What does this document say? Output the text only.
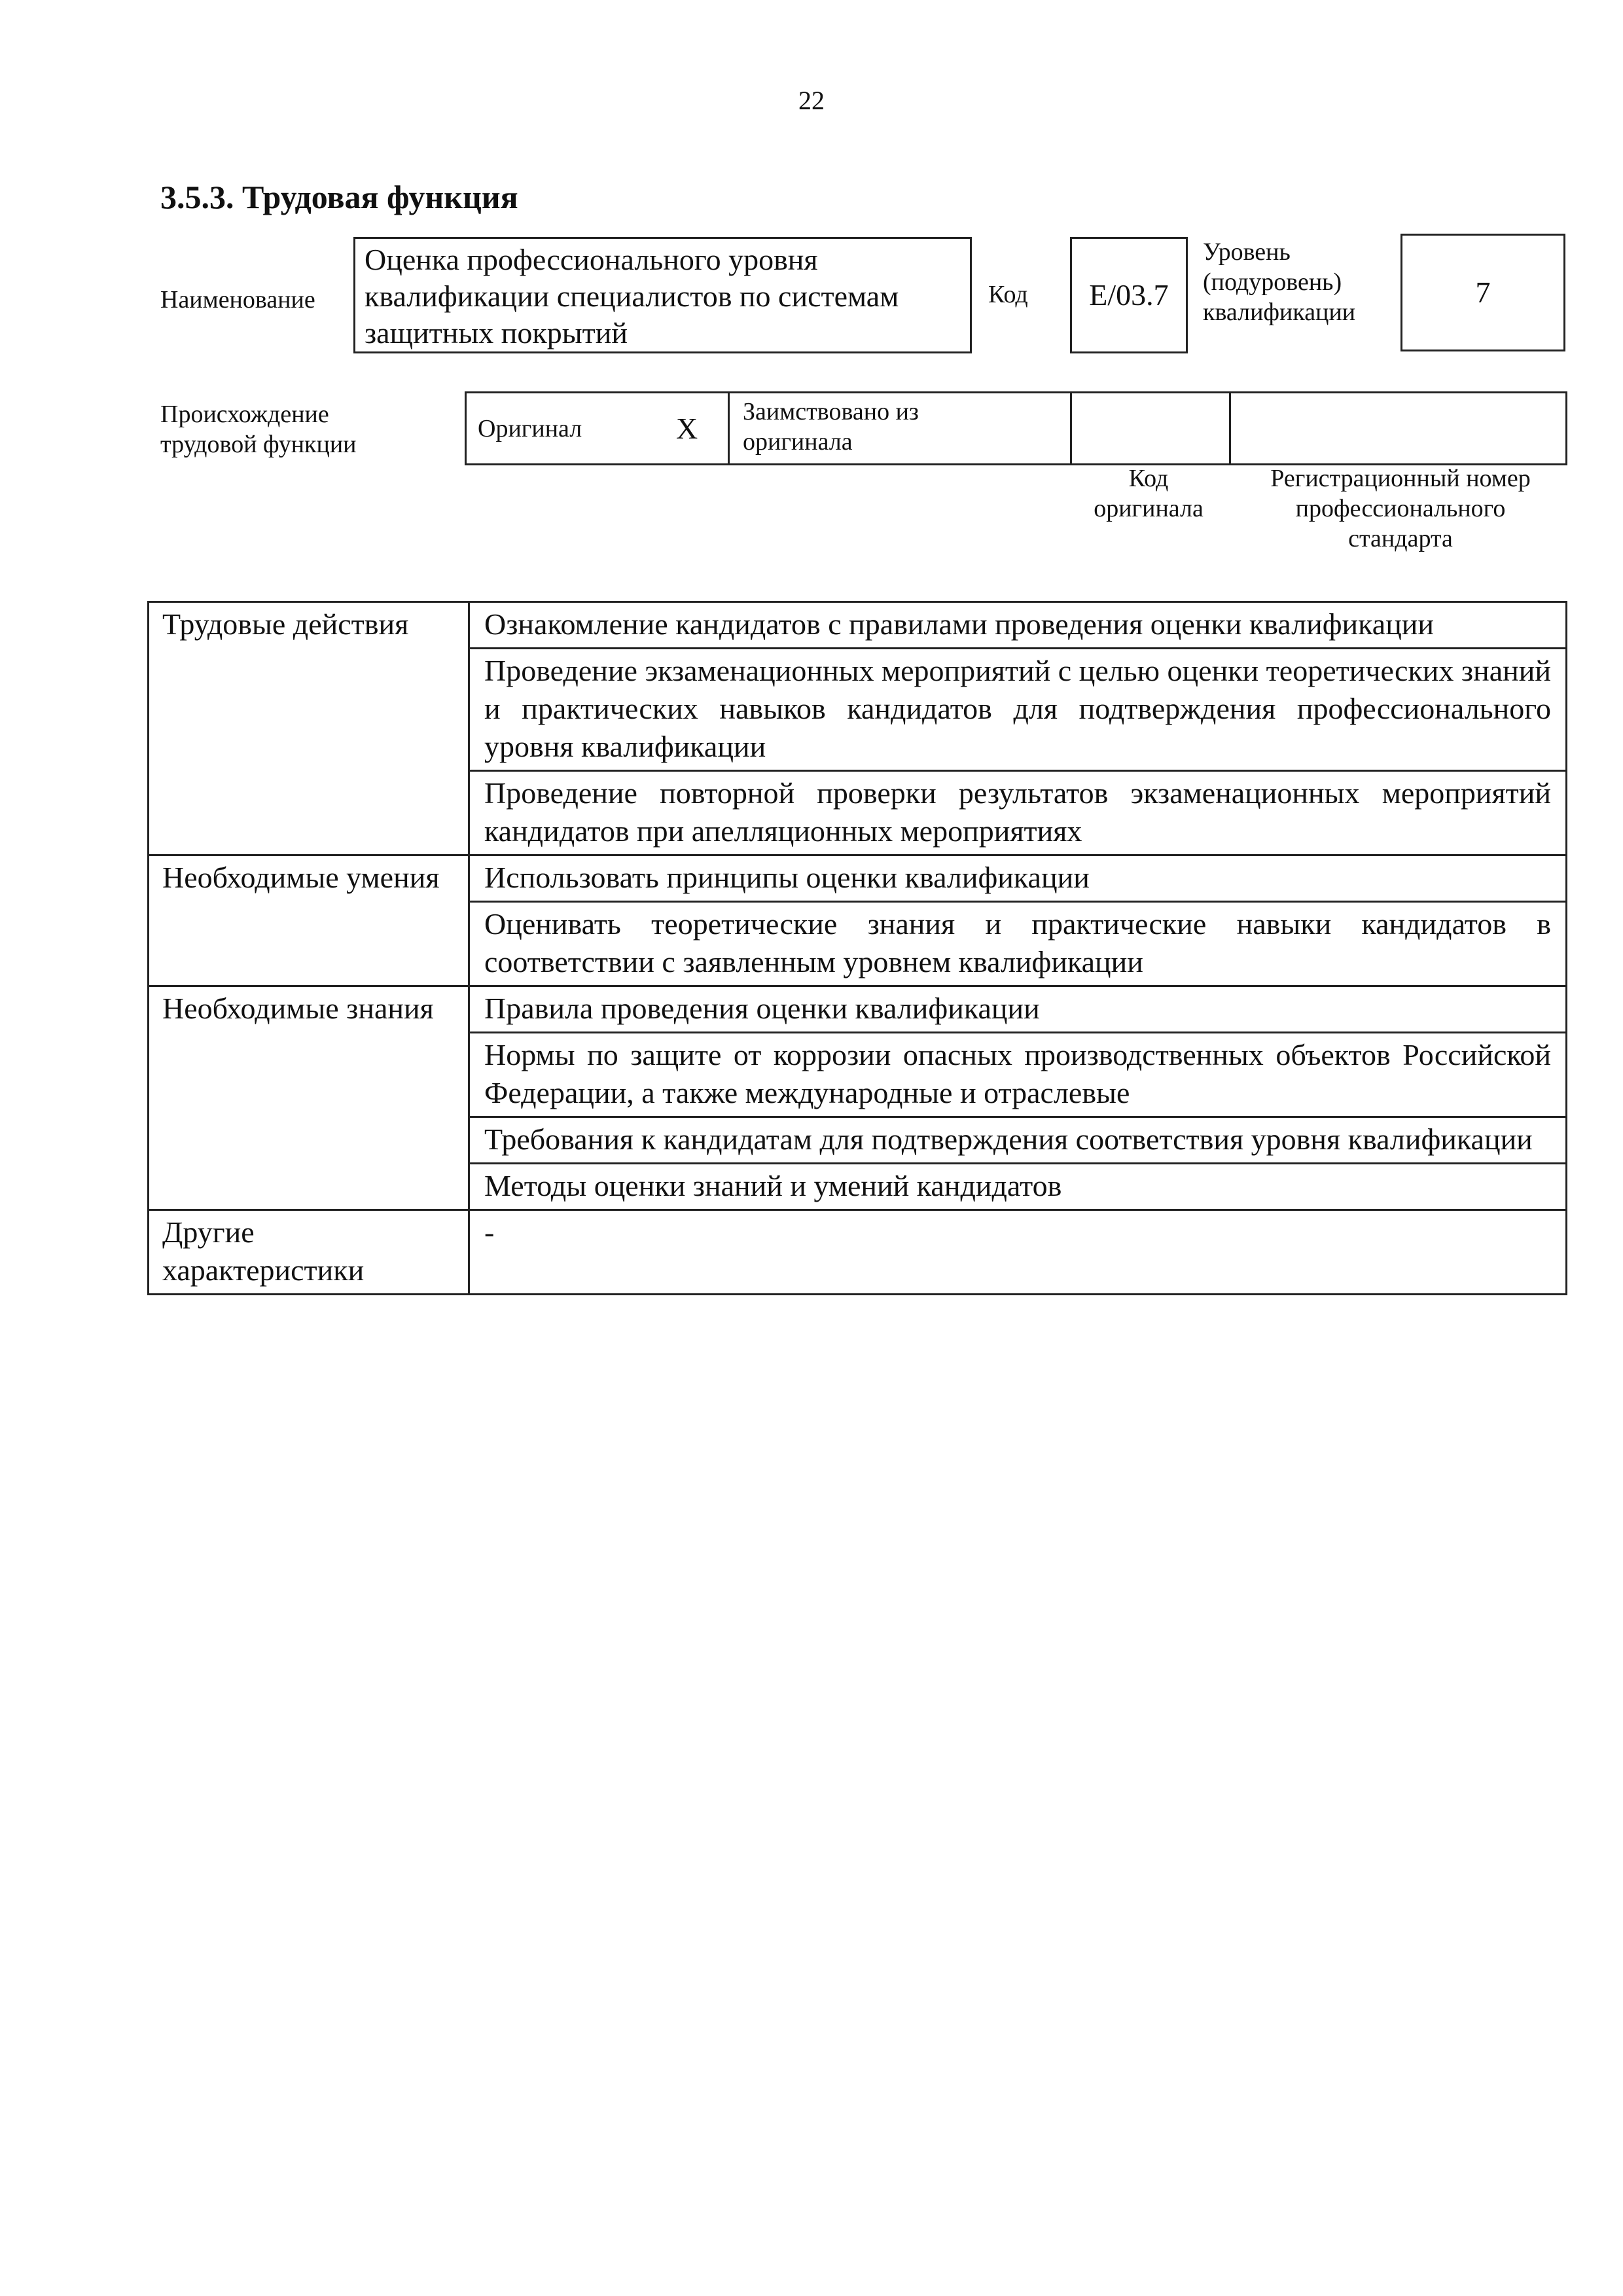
22
3.5.3. Трудовая функция
Наименование
Оценка профессионального уровня квалификации специалистов по системам защитных покрытий
Код E/03.7
Уровень (подуровень) квалификации
7
Происхождение трудовой функции
Оригинал	X Заимствовано из оригинала
Код оригинала
Регистрационный номер профессионального стандарта
Трудовые действия	Ознакомление кандидатов с правилами проведения оценки квалификации
	Проведение экзаменационных мероприятий с целью оценки теоретических знаний и практических навыков кандидатов для подтверждения профессионального уровня квалификации
	Проведение повторной проверки результатов экзаменационных мероприятий кандидатов при апелляционных мероприятиях
Необходимые умения	Использовать принципы оценки квалификации
	Оценивать теоретические знания и практические навыки кандидатов в соответствии с заявленным уровнем квалификации
Необходимые знания	Правила проведения оценки квалификации
	Нормы по защите от коррозии опасных производственных объектов Российской Федерации, а также международные и отраслевые
	Требования к кандидатам для подтверждения соответствия уровня квалификации
	Методы оценки знаний и умений кандидатов
Другие характеристики	-
